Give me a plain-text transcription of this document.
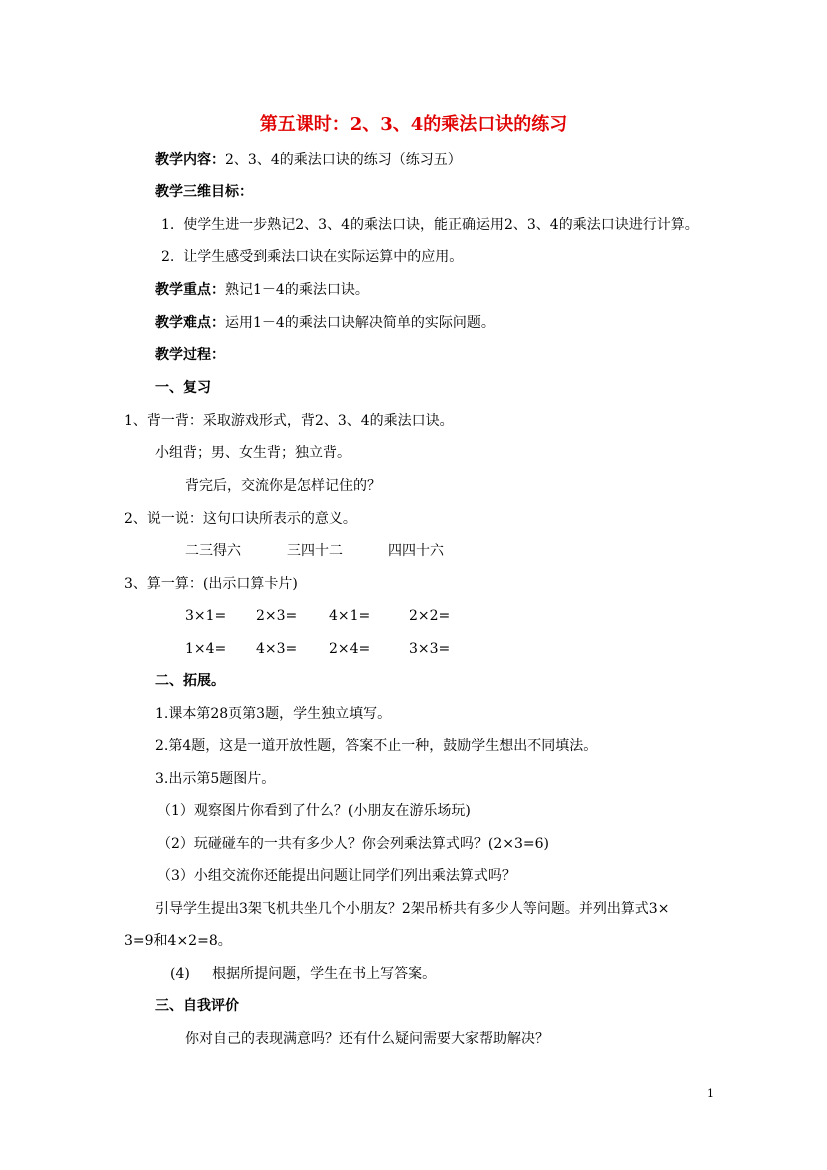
第五课时：2、3、4的乘法口诀的练习
教学内容：2、3、4的乘法口诀的练习（练习五）
教学三维目标：
1. 使学生进一步熟记2、3、4的乘法口诀，能正确运用2、3、4的乘法口诀进行计算。
2. 让学生感受到乘法口诀在实际运算中的应用。
教学重点：熟记1－4的乘法口诀。
教学难点：运用1－4的乘法口诀解决简单的实际问题。
教学过程：
一、复习
1、背一背：采取游戏形式，背2、3、4的乘法口诀。
小组背；男、女生背；独立背。
背完后，交流你是怎样记住的？
2、说一说：这句口诀所表示的意义。
二三得六	三四十二	四四十六
3、算一算：(出示口算卡片)
3×1= 2×3= 4×1=	2×2=
1×4= 4×3= 2×4=	3×3=
二、拓展。
1.课本第28页第3题，学生独立填写。
2.第4题，这是一道开放性题，答案不止一种，鼓励学生想出不同填法。
3.出示第5题图片。
（1）观察图片你看到了什么？(小朋友在游乐场玩)
（2）玩碰碰车的一共有多少人？你会列乘法算式吗？(2×3=6)
（3）小组交流你还能提出问题让同学们列出乘法算式吗？
引导学生提出3架飞机共坐几个小朋友？2架吊桥共有多少人等问题。并列出算式3×
3=9和4×2=8。
(4) 根据所提问题，学生在书上写答案。
三、自我评价
你对自己的表现满意吗？还有什么疑问需要大家帮助解决？
1
